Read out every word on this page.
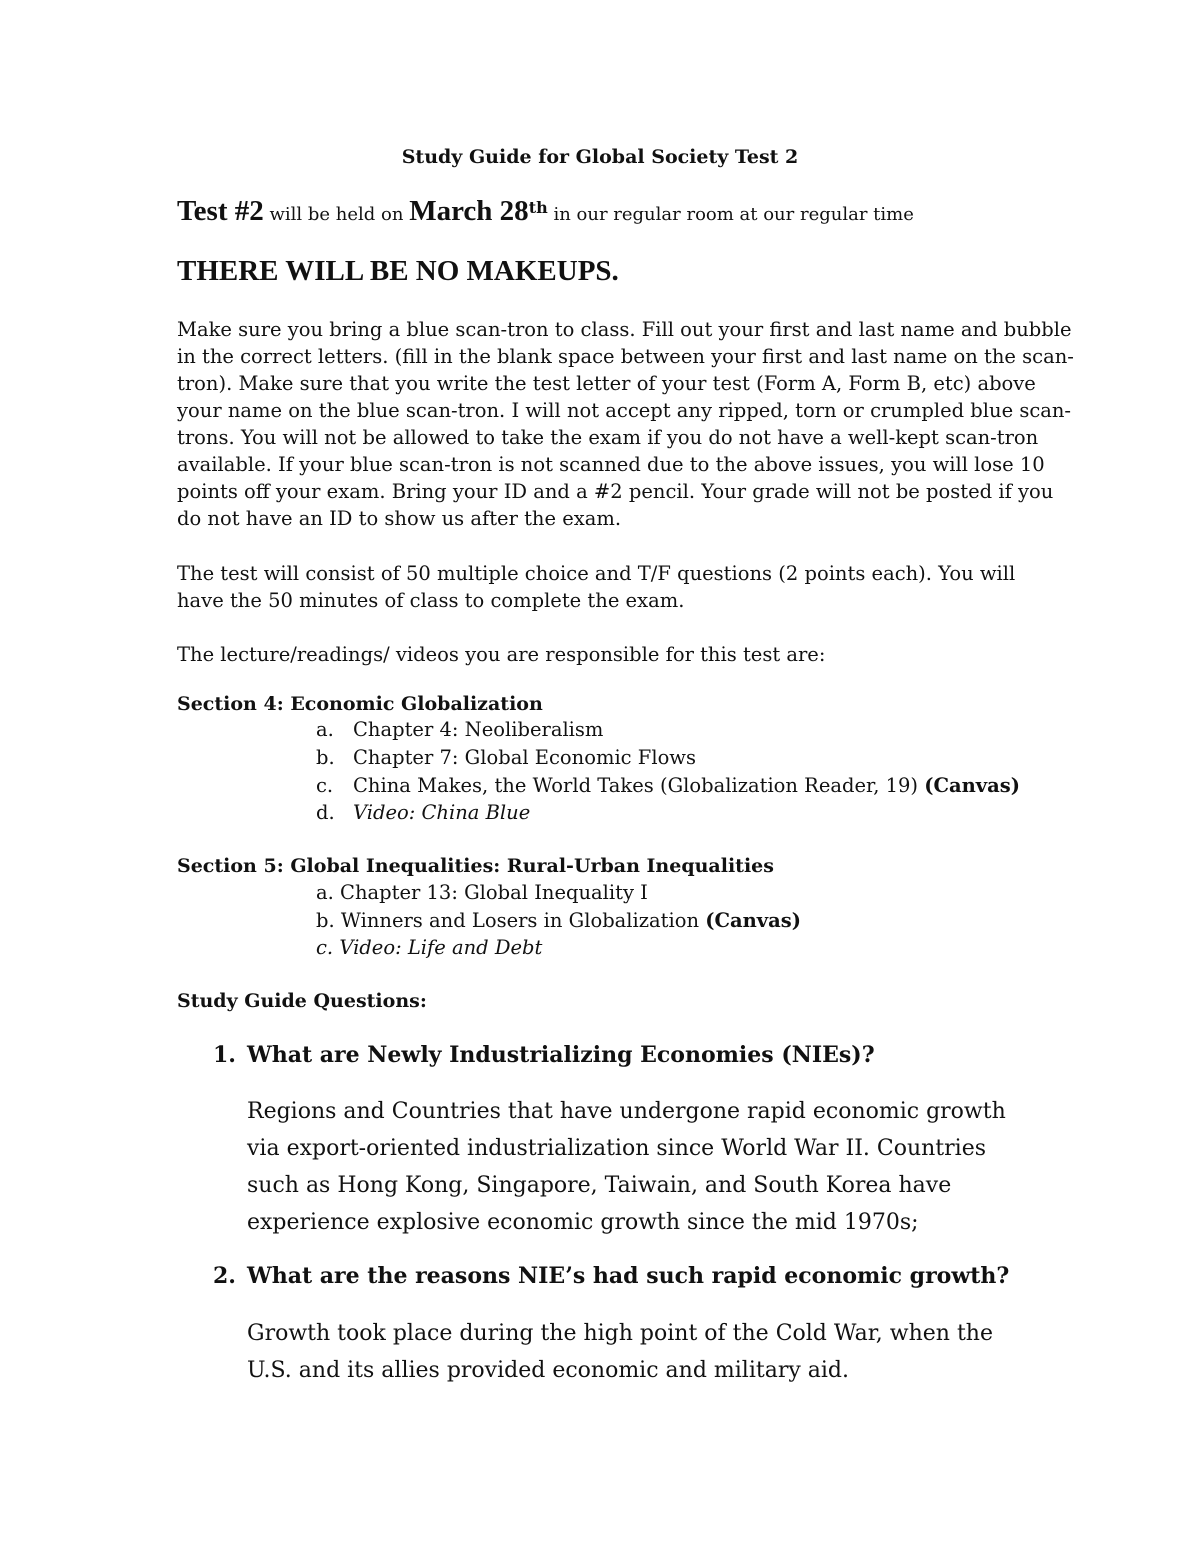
Study Guide for Global Society Test 2
Test #2 will be held on March 28th in our regular room at our regular time
THERE WILL BE NO MAKEUPS.
Make sure you bring a blue scan-tron to class. Fill out your first and last name and bubble
in the correct letters. (fill in the blank space between your first and last name on the scan-
tron). Make sure that you write the test letter of your test (Form A, Form B, etc) above
your name on the blue scan-tron. I will not accept any ripped, torn or crumpled blue scan-
trons. You will not be allowed to take the exam if you do not have a well-kept scan-tron
available. If your blue scan-tron is not scanned due to the above issues, you will lose 10
points off your exam. Bring your ID and a #2 pencil. Your grade will not be posted if you
do not have an ID to show us after the exam.
The test will consist of 50 multiple choice and T/F questions (2 points each). You will
have the 50 minutes of class to complete the exam.
The lecture/readings/ videos you are responsible for this test are:
Section 4: Economic Globalization
a. Chapter 4: Neoliberalism
b. Chapter 7: Global Economic Flows
c. China Makes, the World Takes (Globalization Reader, 19) (Canvas)
d. Video: China Blue
Section 5: Global Inequalities: Rural-Urban Inequalities
a. Chapter 13: Global Inequality I
b. Winners and Losers in Globalization (Canvas)
c. Video: Life and Debt
Study Guide Questions:
1. What are Newly Industrializing Economies (NIEs)?
Regions and Countries that have undergone rapid economic growth
via export-oriented industrialization since World War II. Countries
such as Hong Kong, Singapore, Taiwain, and South Korea have
experience explosive economic growth since the mid 1970s;
2. What are the reasons NIE’s had such rapid economic growth?
Growth took place during the high point of the Cold War, when the
U.S. and its allies provided economic and military aid.
